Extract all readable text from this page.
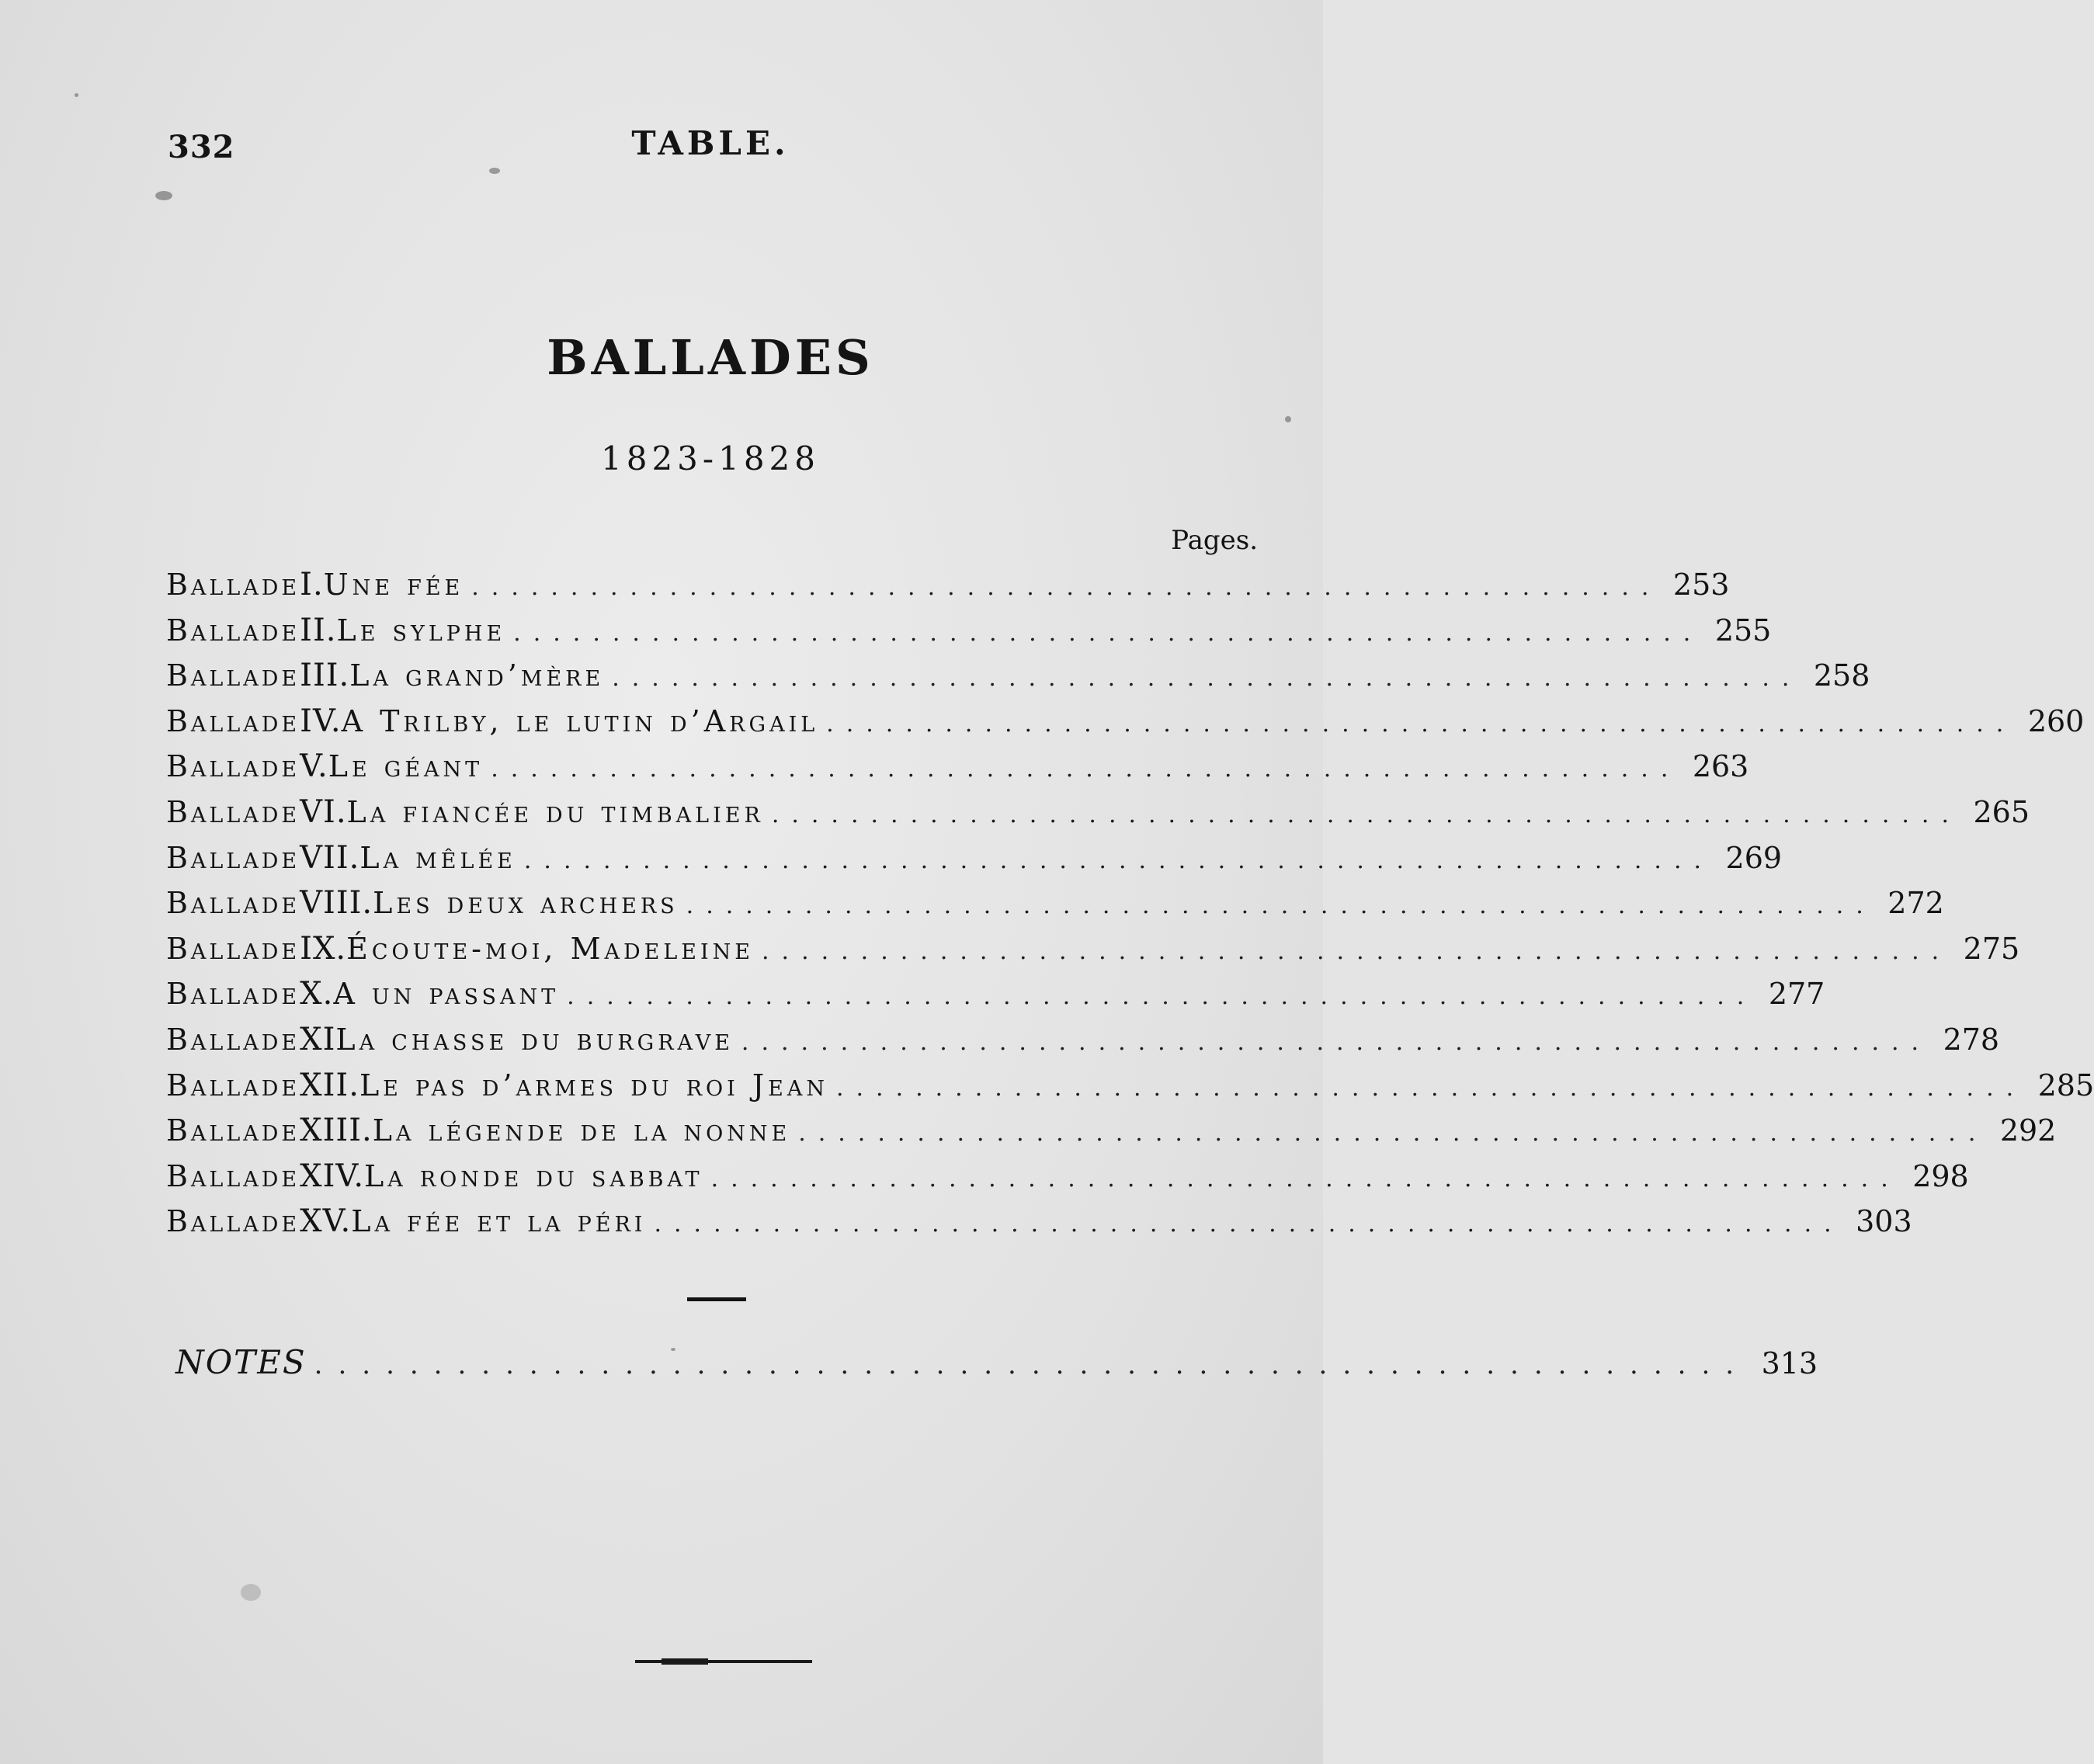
332	TABLE.
BALLADES
1823-1828
Pages.
Ballade I. Une fée ............................................................ 253
Ballade II. Le sylphe ............................................................ 255
Ballade III. La grand’mère ............................................................ 258
Ballade IV. A Trilby, le lutin d’Argail ............................................................ 260
Ballade V. Le géant ............................................................ 263
Ballade VI. La fiancée du timbalier ............................................................ 265
Ballade VII. La mêlée ............................................................ 269
Ballade VIII. Les deux archers ............................................................ 272
Ballade IX. Écoute-moi, Madeleine ............................................................ 275
Ballade X. A un passant ............................................................ 277
Ballade XI La chasse du burgrave ............................................................ 278
Ballade XII. Le pas d’armes du roi Jean ............................................................ 285
Ballade XIII. La légende de la nonne ............................................................ 292
Ballade XIV. La ronde du sabbat ............................................................ 298
Ballade XV. La fée et la péri ............................................................ 303
NOTES ............................................................ 313
